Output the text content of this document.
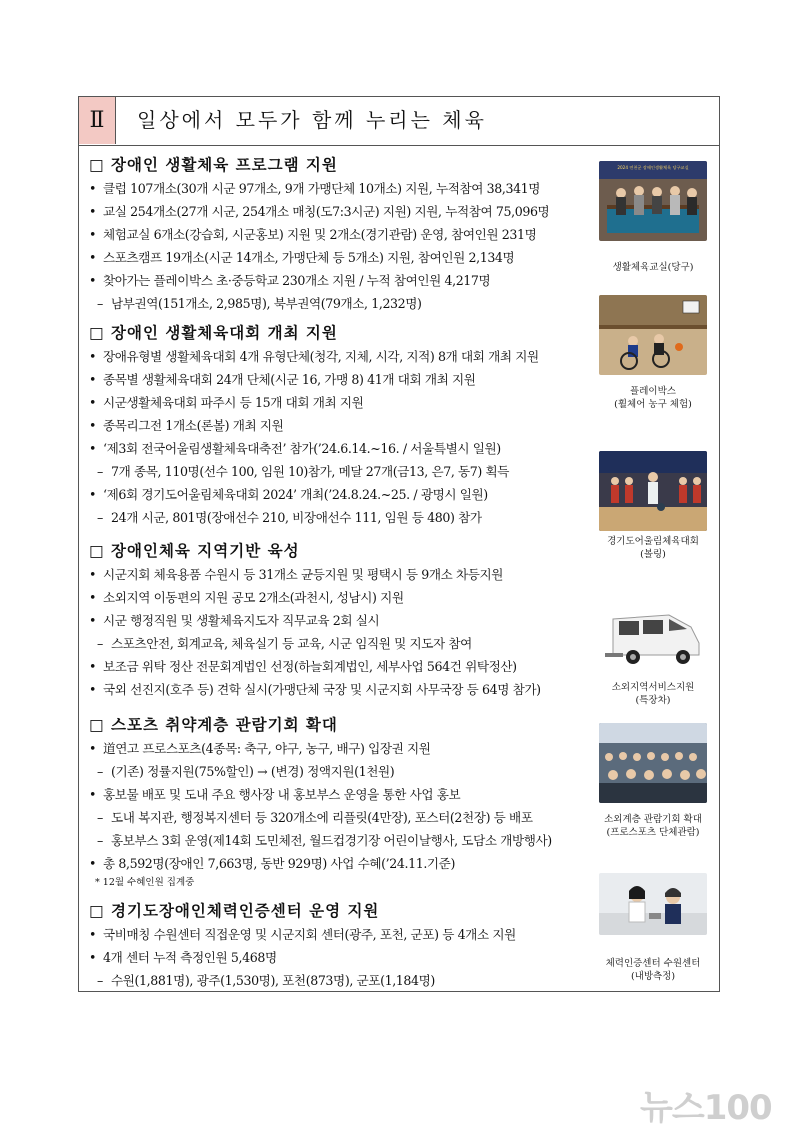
Ⅱ	일상에서 모두가 함께 누리는 체육
□ 장애인 생활체육 프로그램 지원
• 클럽 107개소(30개 시군 97개소, 9개 가맹단체 10개소) 지원, 누적참여 38,341명
• 교실 254개소(27개 시군, 254개소 매칭(도7:3시군) 지원) 지원, 누적참여 75,096명
• 체험교실 6개소(강습회, 시군홍보) 지원 및 2개소(경기관람) 운영, 참여인원 231명
• 스포츠캠프 19개소(시군 14개소, 가맹단체 등 5개소) 지원, 참여인원 2,134명
• 찾아가는 플레이박스 초·중등학교 230개소 지원 / 누적 참여인원 4,217명
– 남부권역(151개소, 2,985명), 북부권역(79개소, 1,232명)
□ 장애인 생활체육대회 개최 지원
• 장애유형별 생활체육대회 4개 유형단체(청각, 지체, 시각, 지적) 8개 대회 개최 지원
• 종목별 생활체육대회 24개 단체(시군 16, 가맹 8) 41개 대회 개최 지원
• 시군생활체육대회 파주시 등 15개 대회 개최 지원
• 종목리그전 1개소(론볼) 개최 지원
• ‘제3회 전국어울림생활체육대축전’ 참가(’24.6.14.~16. / 서울특별시 일원)
– 7개 종목, 110명(선수 100, 임원 10)참가, 메달 27개(금13, 은7, 동7) 획득
• ‘제6회 경기도어울림체육대회 2024’ 개최(’24.8.24.~25. / 광명시 일원)
– 24개 시군, 801명(장애선수 210, 비장애선수 111, 임원 등 480) 참가
□ 장애인체육 지역기반 육성
• 시군지회 체육용품 수원시 등 31개소 균등지원 및 평택시 등 9개소 차등지원
• 소외지역 이동편의 지원 공모 2개소(과천시, 성남시) 지원
• 시군 행정직원 및 생활체육지도자 직무교육 2회 실시
– 스포츠안전, 회계교육, 체육실기 등 교육, 시군 임직원 및 지도자 참여
• 보조금 위탁 정산 전문회계법인 선정(하늘회계법인, 세부사업 564건 위탁정산)
• 국외 선진지(호주 등) 견학 실시(가맹단체 국장 및 시군지회 사무국장 등 64명 참가)
□ 스포츠 취약계층 관람기회 확대
• 道연고 프로스포츠(4종목: 축구, 야구, 농구, 배구) 입장권 지원
– (기존) 정률지원(75%할인) → (변경) 정액지원(1천원)
• 홍보물 배포 및 도내 주요 행사장 내 홍보부스 운영을 통한 사업 홍보
– 도내 복지관, 행정복지센터 등 320개소에 리플릿(4만장), 포스터(2천장) 등 배포
– 홍보부스 3회 운영(제14회 도민체전, 월드컵경기장 어린이날행사, 도담소 개방행사)
• 총 8,592명(장애인 7,663명, 동반 929명) 사업 수혜(’24.11.기준)
* 12월 수혜인원 집계중
□ 경기도장애인체력인증센터 운영 지원
• 국비매칭 수원센터 직접운영 및 시군지회 센터(광주, 포천, 군포) 등 4개소 지원
• 4개 센터 누적 측정인원 5,468명
– 수원(1,881명), 광주(1,530명), 포천(873명), 군포(1,184명)
2024 연천군 장애인생활체육 당구교실
생활체육교실(당구)
플레이박스
(휠체어 농구 체험)
경기도어울림체육대회
(볼링)
소외지역서비스지원
(특장차)
소외계층 관람기회 확대
(프로스포츠 단체관람)
체력인증센터 수원센터
(내방측정)
뉴스100
